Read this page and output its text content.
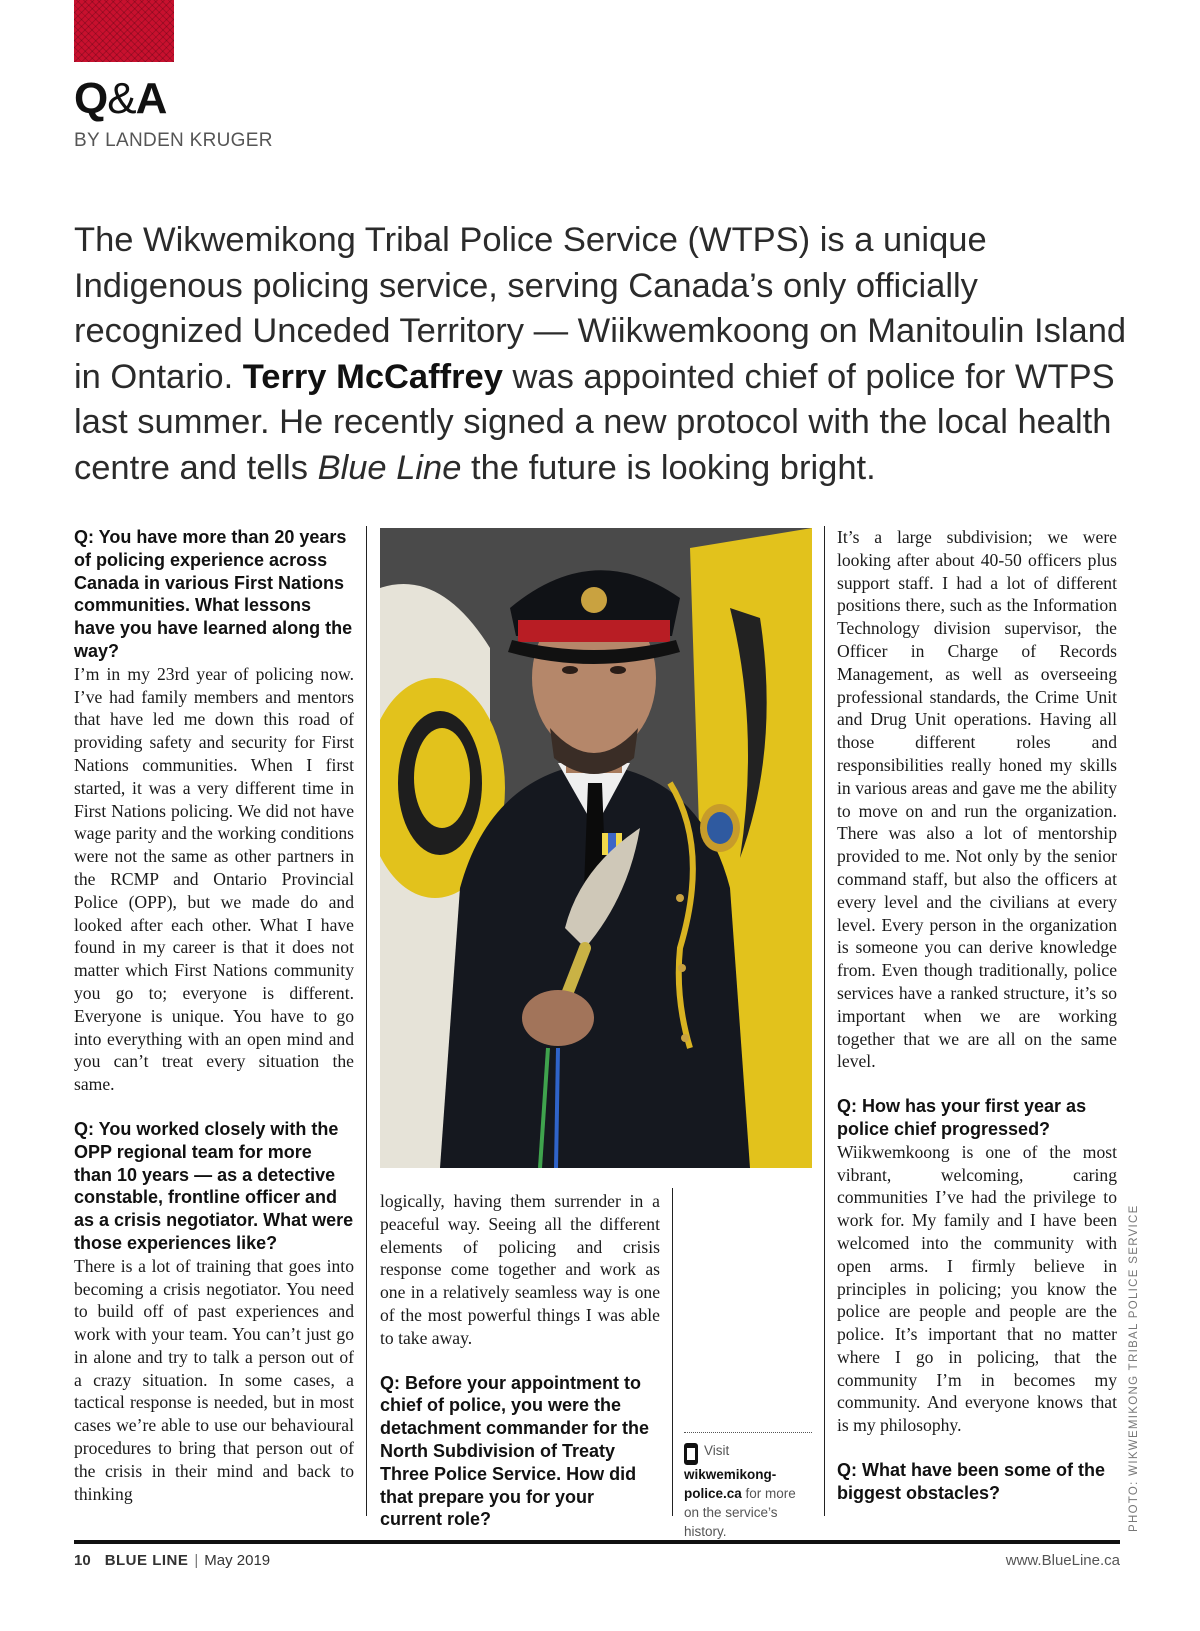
Q&A
BY LANDEN KRUGER

The Wikwemikong Tribal Police Service (WTPS) is a unique Indigenous policing service, serving Canada’s only officially recognized Unceded Territory — Wiikwemkoong on Manitoulin Island in Ontario. Terry McCaffrey was appointed chief of police for WTPS last summer. He recently signed a new protocol with the local health centre and tells Blue Line the future is looking bright.

Q: You have more than 20 years of policing experience across Canada in various First Nations communities. What lessons have you have learned along the way?

I’m in my 23rd year of policing now. I’ve had family members and mentors that have led me down this road of providing safety and security for First Nations communities. When I first started, it was a very different time in First Nations policing. We did not have wage parity and the working conditions were not the same as other partners in the RCMP and Ontario Provincial Police (OPP), but we made do and looked after each other. What I have found in my career is that it does not matter which First Nations community you go to; everyone is different. Everyone is unique. You have to go into everything with an open mind and you can’t treat every situation the same.

Q: You worked closely with the OPP regional team for more than 10 years — as a detective constable, frontline officer and as a crisis negotiator. What were those experiences like?

There is a lot of training that goes into becoming a crisis negotiator. You need to build off of past experiences and work with your team. You can’t just go in alone and try to talk a person out of a crazy situation. In some cases, a tactical response is needed, but in most cases we’re able to use our behavioural procedures to bring that person out of the crisis in their mind and back to thinking

logically, having them surrender in a peaceful way. Seeing all the different elements of policing and crisis response come together and work as one in a relatively seamless way is one of the most powerful things I was able to take away.

Q: Before your appointment to chief of police, you were the detachment commander for the North Subdivision of Treaty Three Police Service. How did that prepare you for your current role?

Visit
wikwemikong-police.ca for more on the service’s history.

It’s a large subdivision; we were looking after about 40-50 officers plus support staff. I had a lot of different positions there, such as the Information Technology division supervisor, the Officer in Charge of Records Management, as well as overseeing professional standards, the Crime Unit and Drug Unit operations. Having all those different roles and responsibilities really honed my skills in various areas and gave me the ability to move on and run the organization. There was also a lot of mentorship provided to me. Not only by the senior command staff, but also the officers at every level and the civilians at every level. Every person in the organization is someone you can derive knowledge from. Even though traditionally, police services have a ranked structure, it’s so important when we are working together that we are all on the same level.

Q: How has your first year as police chief progressed?

Wiikwemkoong is one of the most vibrant, welcoming, caring communities I’ve had the privilege to work for. My family and I have been welcomed into the community with open arms. I firmly believe in principles in policing; you know the police are people and people are the police. It’s important that no matter where I go in policing, that the community I’m in becomes my community. And everyone knows that is my philosophy.

Q: What have been some of the biggest obstacles?	PHOTO: WIKWEMIKONG TRIBAL POLICE SERVICE
10 BLUE LINE | May 2019	www.BlueLine.ca
